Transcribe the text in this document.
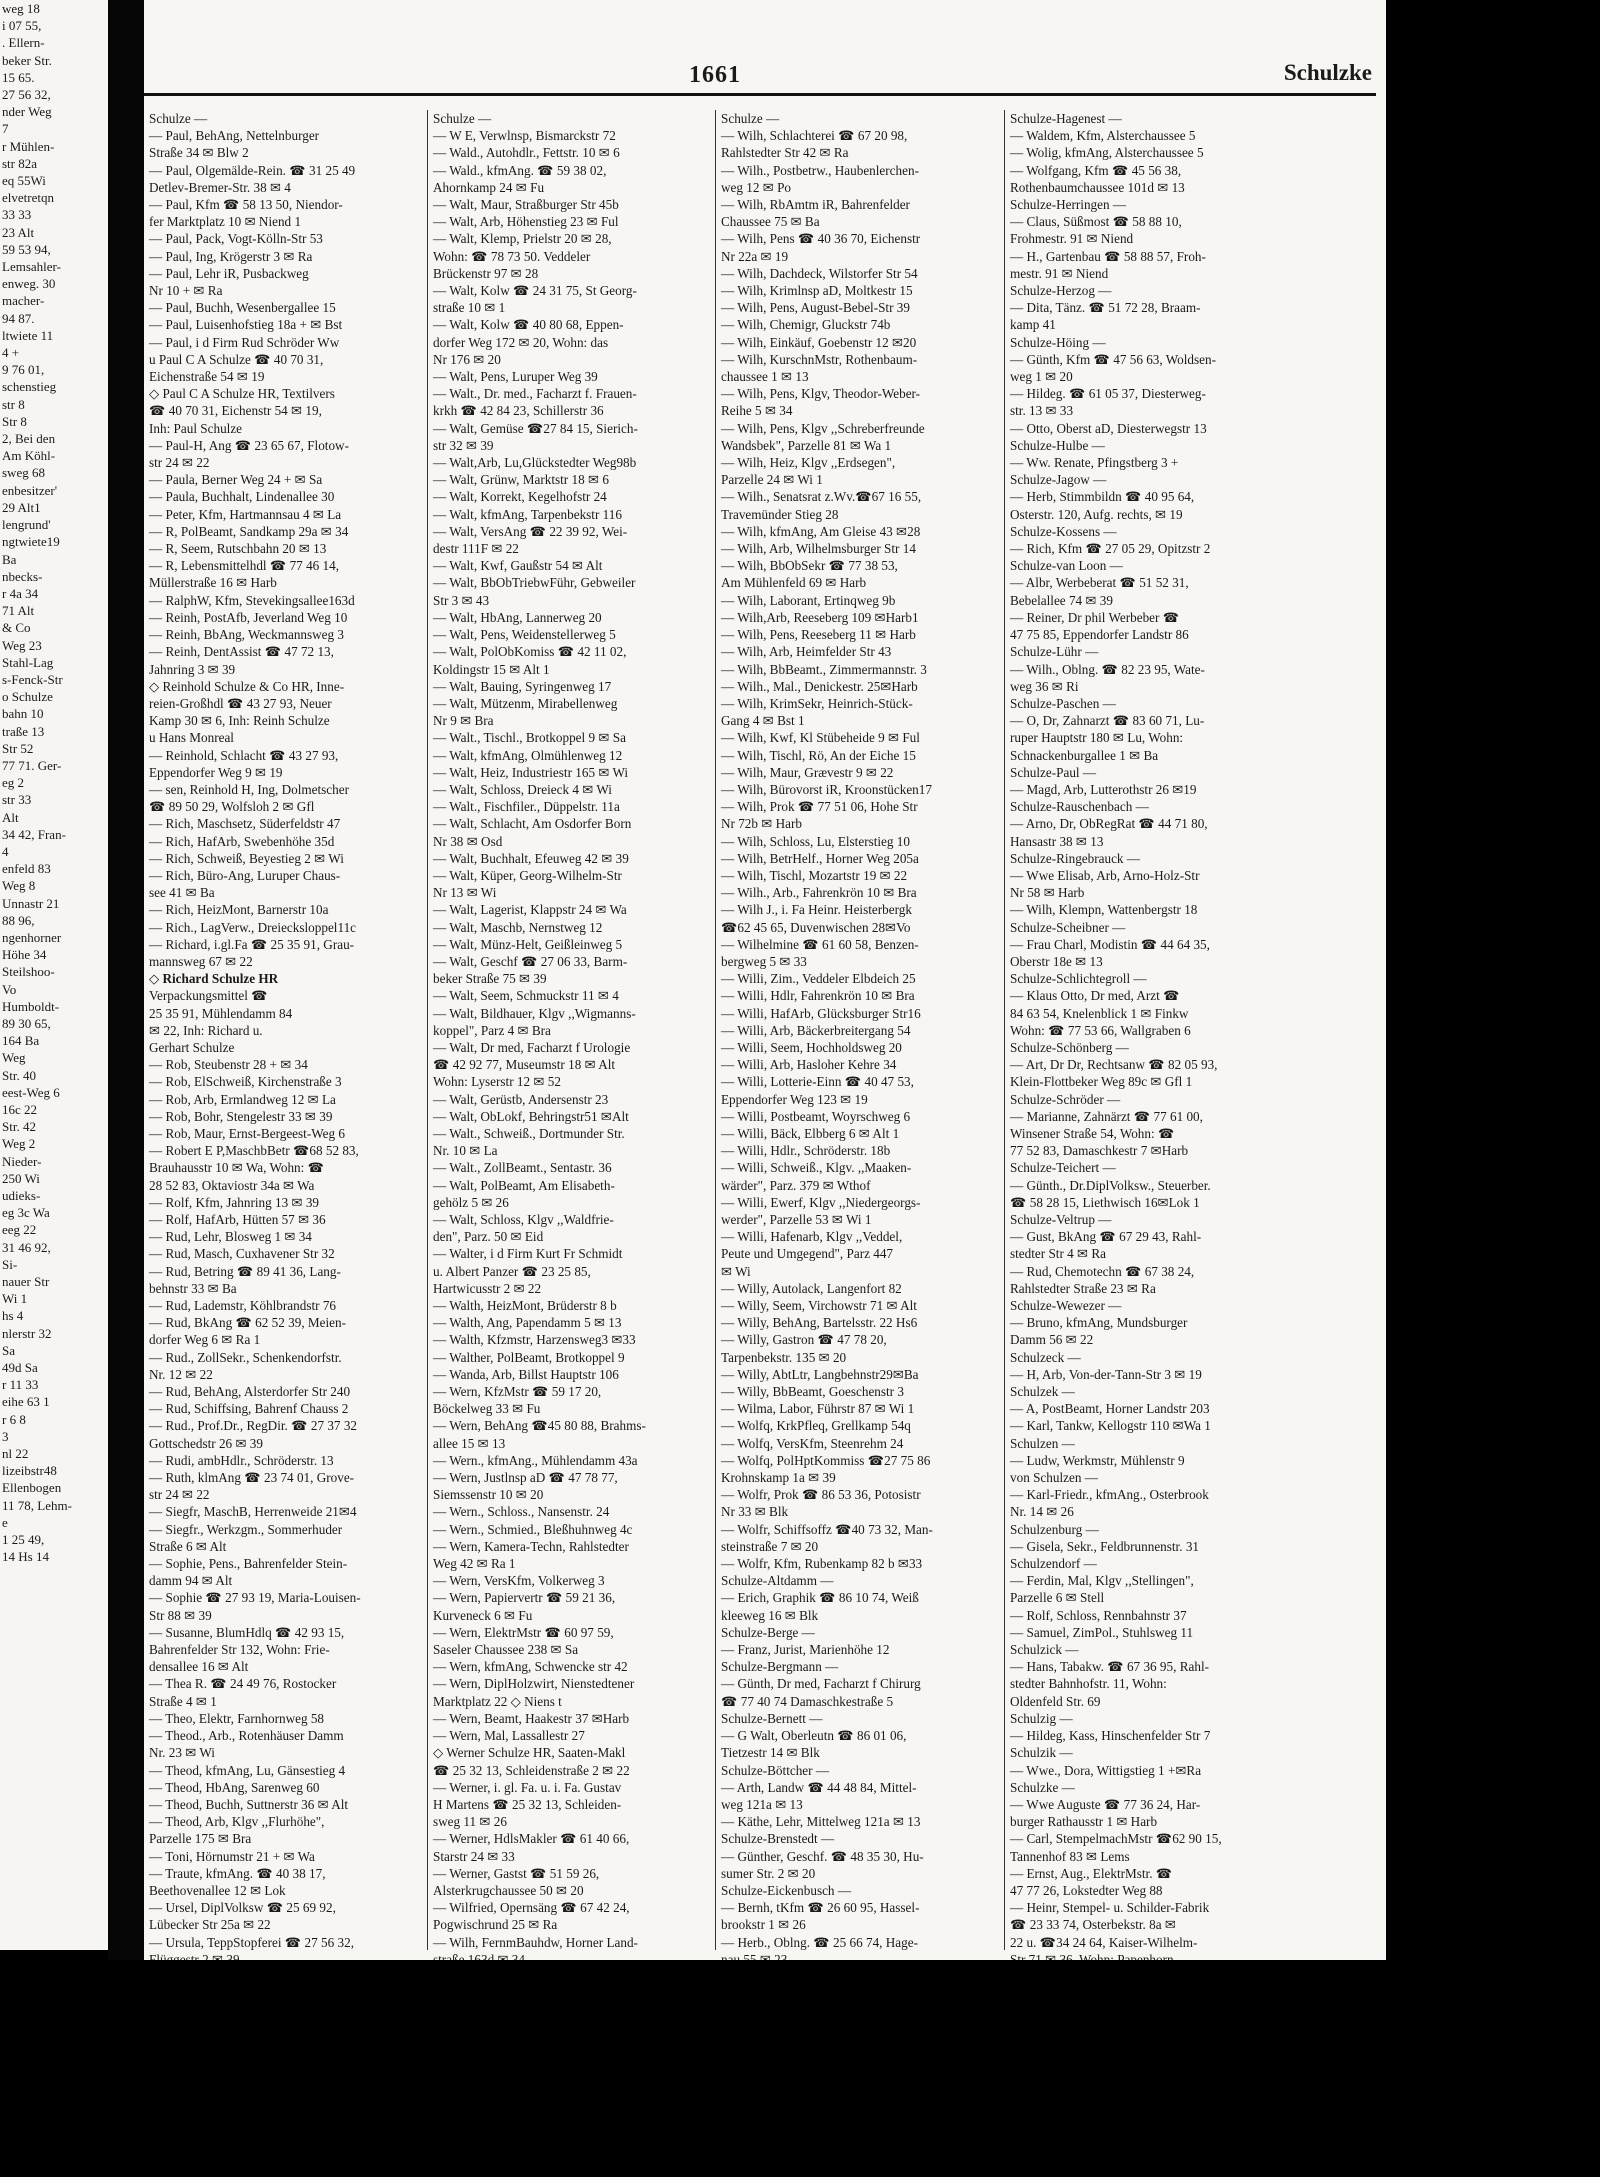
weg 18
i 07 55,
. Ellern-
beker Str.
15 65.
27 56 32,
nder Weg
7
r Mühlen-
str 82a
eq 55Wi
elvetretqn
33 33
23 Alt
59 53 94,
Lemsahler-
enweg. 30
macher-
94 87.
ltwiete 11
4 +
9 76 01,
schenstieg
str 8
Str 8
2, Bei den
Am Köhl-
sweg 68
enbesitzer'
29 Alt1
lengrund'
ngtwiete19
Ba
nbecks-
r 4a 34
71 Alt
& Co
Weg 23
Stahl-Lag
s-Fenck-Str
o Schulze
bahn 10
traße 13
Str 52
77 71. Ger-
eg 2
str 33
Alt
34 42, Fran-
4
enfeld 83
Weg 8
Unnastr 21
88 96,
ngenhorner
Höhe 34
Steilshoo-
Vo
Humboldt-
89 30 65,
164 Ba
Weg
Str. 40
eest-Weg 6
16c 22
Str. 42
Weg 2
Nieder-
250 Wi
udieks-
eg 3c Wa
eeg 22
31 46 92,
Si-
nauer Str
Wi 1
hs 4
nlerstr 32
Sa
49d Sa
r 11 33
eihe 63 1
r 6 8
3
nl 22
lizeibstr48
Ellenbogen
11 78, Lehm-
e
1 25 49,
14 Hs 14
1661	Schulzke
Schulze —
— Paul, BehAng, Nettelnburger
Straße 34 ✉ Blw 2
— Paul, Olgemälde-Rein. ☎ 31 25 49
Detlev-Bremer-Str. 38 ✉ 4
— Paul, Kfm ☎ 58 13 50, Niendor-
fer Marktplatz 10 ✉ Niend 1
— Paul, Pack, Vogt-Kölln-Str 53
— Paul, Ing, Krögerstr 3 ✉ Ra
— Paul, Lehr iR, Pusbackweg
Nr 10 + ✉ Ra
— Paul, Buchh, Wesenbergallee 15
— Paul, Luisenhofstieg 18a + ✉ Bst
— Paul, i d Firm Rud Schröder Ww
u Paul C A Schulze ☎ 40 70 31,
Eichenstraße 54 ✉ 19
◇ Paul C A Schulze HR, Textilvers
☎ 40 70 31, Eichenstr 54 ✉ 19,
Inh: Paul Schulze
— Paul-H, Ang ☎ 23 65 67, Flotow-
str 24 ✉ 22
— Paula, Berner Weg 24 + ✉ Sa
— Paula, Buchhalt, Lindenallee 30
— Peter, Kfm, Hartmannsau 4 ✉ La
— R, PolBeamt, Sandkamp 29a ✉ 34
— R, Seem, Rutschbahn 20 ✉ 13
— R, Lebensmittelhdl ☎ 77 46 14,
Müllerstraße 16 ✉ Harb
— RalphW, Kfm, Stevekingsallee163d
— Reinh, PostAfb, Jeverland Weg 10
— Reinh, BbAng, Weckmannsweg 3
— Reinh, DentAssist ☎ 47 72 13,
Jahnring 3 ✉ 39
◇ Reinhold Schulze & Co HR, Inne-
reien-Großhdl ☎ 43 27 93, Neuer
Kamp 30 ✉ 6, Inh: Reinh Schulze
u Hans Monreal
— Reinhold, Schlacht ☎ 43 27 93,
Eppendorfer Weg 9 ✉ 19
— sen, Reinhold H, Ing, Dolmetscher
☎ 89 50 29, Wolfsloh 2 ✉ Gfl
— Rich, Maschsetz, Süderfeldstr 47
— Rich, HafArb, Swebenhöhe 35d
— Rich, Schweiß, Beyestieg 2 ✉ Wi
— Rich, Büro-Ang, Luruper Chaus-
see 41 ✉ Ba
— Rich, HeizMont, Barnerstr 10a
— Rich., LagVerw., Dreiecksloppel11c
— Richard, i.gl.Fa ☎ 25 35 91, Grau-
mannsweg 67 ✉ 22
◇ Richard Schulze HR
Verpackungsmittel ☎
25 35 91, Mühlendamm 84
✉ 22, Inh: Richard u.
Gerhart Schulze
— Rob, Steubenstr 28 + ✉ 34
— Rob, ElSchweiß, Kirchenstraße 3
— Rob, Arb, Ermlandweg 12 ✉ La
— Rob, Bohr, Stengelestr 33 ✉ 39
— Rob, Maur, Ernst-Bergeest-Weg 6
— Robert E P,MaschbBetr ☎68 52 83,
Brauhausstr 10 ✉ Wa, Wohn: ☎
28 52 83, Oktaviostr 34a ✉ Wa
— Rolf, Kfm, Jahnring 13 ✉ 39
— Rolf, HafArb, Hütten 57 ✉ 36
— Rud, Lehr, Blosweg 1 ✉ 34
— Rud, Masch, Cuxhavener Str 32
— Rud, Betring ☎ 89 41 36, Lang-
behnstr 33 ✉ Ba
— Rud, Lademstr, Köhlbrandstr 76
— Rud, BkAng ☎ 62 52 39, Meien-
dorfer Weg 6 ✉ Ra 1
— Rud., ZollSekr., Schenkendorfstr.
Nr. 12 ✉ 22
— Rud, BehAng, Alsterdorfer Str 240
— Rud, Schiffsing, Bahrenf Chauss 2
— Rud., Prof.Dr., RegDir. ☎ 27 37 32
Gottschedstr 26 ✉ 39
— Rudi, ambHdlr., Schröderstr. 13
— Ruth, klmAng ☎ 23 74 01, Grove-
str 24 ✉ 22
— Siegfr, MaschB, Herrenweide 21✉4
— Siegfr., Werkzgm., Sommerhuder
Straße 6 ✉ Alt
— Sophie, Pens., Bahrenfelder Stein-
damm 94 ✉ Alt
— Sophie ☎ 27 93 19, Maria-Louisen-
Str 88 ✉ 39
— Susanne, BlumHdlq ☎ 42 93 15,
Bahrenfelder Str 132, Wohn: Frie-
densallee 16 ✉ Alt
— Thea R. ☎ 24 49 76, Rostocker
Straße 4 ✉ 1
— Theo, Elektr, Farnhornweg 58
— Theod., Arb., Rotenhäuser Damm
Nr. 23 ✉ Wi
— Theod, kfmAng, Lu, Gänsestieg 4
— Theod, HbAng, Sarenweg 60
— Theod, Buchh, Suttnerstr 36 ✉ Alt
— Theod, Arb, Klgv ,,Flurhöhe",
Parzelle 175 ✉ Bra
— Toni, Hörnumstr 21 + ✉ Wa
— Traute, kfmAng. ☎ 40 38 17,
Beethovenallee 12 ✉ Lok
— Ursel, DiplVolksw ☎ 25 69 92,
Lübecker Str 25a ✉ 22
— Ursula, TeppStopferei ☎ 27 56 32,
Schulze —
— W E, Verwlnsp, Bismarckstr 72
— Wald., Autohdlr., Fettstr. 10 ✉ 6
— Wald., kfmAng. ☎ 59 38 02,
Ahornkamp 24 ✉ Fu
— Walt, Maur, Straßburger Str 45b
— Walt, Arb, Höhenstieg 23 ✉ Ful
— Walt, Klemp, Prielstr 20 ✉ 28,
Wohn: ☎ 78 73 50. Veddeler
Brückenstr 97 ✉ 28
— Walt, Kolw ☎ 24 31 75, St Georg-
straße 10 ✉ 1
— Walt, Kolw ☎ 40 80 68, Eppen-
dorfer Weg 172 ✉ 20, Wohn: das
Nr 176 ✉ 20
— Walt, Pens, Luruper Weg 39
— Walt., Dr. med., Facharzt f. Frauen-
krkh ☎ 42 84 23, Schillerstr 36
— Walt, Gemüse ☎27 84 15, Sierich-
str 32 ✉ 39
— Walt,Arb, Lu,Glückstedter Weg98b
— Walt, Grünw, Marktstr 18 ✉ 6
— Walt, Korrekt, Kegelhofstr 24
— Walt, kfmAng, Tarpenbekstr 116
— Walt, VersAng ☎ 22 39 92, Wei-
destr 111F ✉ 22
— Walt, Kwf, Gaußstr 54 ✉ Alt
— Walt, BbObTriebwFühr, Gebweiler
Str 3 ✉ 43
— Walt, HbAng, Lannerweg 20
— Walt, Pens, Weidenstellerweg 5
— Walt, PolObKomiss ☎ 42 11 02,
Koldingstr 15 ✉ Alt 1
— Walt, Bauing, Syringenweg 17
— Walt, Mützenm, Mirabellenweg
Nr 9 ✉ Bra
— Walt., Tischl., Brotkoppel 9 ✉ Sa
— Walt, kfmAng, Olmühlenweg 12
— Walt, Heiz, Industriestr 165 ✉ Wi
— Walt, Schloss, Dreieck 4 ✉ Wi
— Walt., Fischfiler., Düppelstr. 11a
— Walt, Schlacht, Am Osdorfer Born
Nr 38 ✉ Osd
— Walt, Buchhalt, Efeuweg 42 ✉ 39
— Walt, Küper, Georg-Wilhelm-Str
Nr 13 ✉ Wi
— Walt, Lagerist, Klappstr 24 ✉ Wa
— Walt, Maschb, Nernstweg 12
— Walt, Münz-Helt, Geißleinweg 5
— Walt, Geschf ☎ 27 06 33, Barm-
beker Straße 75 ✉ 39
— Walt, Seem, Schmuckstr 11 ✉ 4
— Walt, Bildhauer, Klgv ,,Wigmanns-
koppel", Parz 4 ✉ Bra
— Walt, Dr med, Facharzt f Urologie
☎ 42 92 77, Museumstr 18 ✉ Alt
Wohn: Lyserstr 12 ✉ 52
— Walt, Gerüstb, Andersenstr 23
— Walt, ObLokf, Behringstr51 ✉Alt
— Walt., Schweiß., Dortmunder Str.
Nr. 10 ✉ La
— Walt., ZollBeamt., Sentastr. 36
— Walt, PolBeamt, Am Elisabeth-
gehölz 5 ✉ 26
— Walt, Schloss, Klgv ,,Waldfrie-
den", Parz. 50 ✉ Eid
— Walter, i d Firm Kurt Fr Schmidt
u. Albert Panzer ☎ 23 25 85,
Hartwicusstr 2 ✉ 22
— Walth, HeizMont, Brüderstr 8 b
— Walth, Ang, Papendamm 5 ✉ 13
— Walth, Kfzmstr, Harzensweg3 ✉33
— Walther, PolBeamt, Brotkoppel 9
— Wanda, Arb, Billst Hauptstr 106
— Wern, KfzMstr ☎ 59 17 20,
Böckelweg 33 ✉ Fu
— Wern, BehAng ☎45 80 88, Brahms-
allee 15 ✉ 13
— Wern., kfmAng., Mühlendamm 43a
— Wern, Justlnsp aD ☎ 47 78 77,
Siemssenstr 10 ✉ 20
— Wern., Schloss., Nansenstr. 24
— Wern., Schmied., Bleßhuhnweg 4c
— Wern, Kamera-Techn, Rahlstedter
Weg 42 ✉ Ra 1
— Wern, VersKfm, Volkerweg 3
— Wern, Papiervertr ☎ 59 21 36,
Kurveneck 6 ✉ Fu
— Wern, ElektrMstr ☎ 60 97 59,
Saseler Chaussee 238 ✉ Sa
— Wern, kfmAng, Schwencke str 42
— Wern, DiplHolzwirt, Nienstedtener
Marktplatz 22 ◇ Niens t
— Wern, Beamt, Haakestr 37 ✉Harb
— Wern, Mal, Lassallestr 27
◇ Werner Schulze HR, Saaten-Makl
☎ 25 32 13, Schleidenstraße 2 ✉ 22
— Werner, i. gl. Fa. u. i. Fa. Gustav
H Martens ☎ 25 32 13, Schleiden-
sweg 11 ✉ 26
— Werner, HdlsMakler ☎ 61 40 66,
Starstr 24 ✉ 33
— Werner, Gastst ☎ 51 59 26,
Alsterkrugchaussee 50 ✉ 20
— Wilfried, Opernsäng ☎ 67 42 24,
Pogwischrund 25 ✉ Ra
— Wilh, FernmBauhdw, Horner Land-
Schulze —
— Wilh, Schlachterei ☎ 67 20 98,
Rahlstedter Str 42 ✉ Ra
— Wilh., Postbetrw., Haubenlerchen-
weg 12 ✉ Po
— Wilh, RbAmtm iR, Bahrenfelder
Chaussee 75 ✉ Ba
— Wilh, Pens ☎ 40 36 70, Eichenstr
Nr 22a ✉ 19
— Wilh, Dachdeck, Wilstorfer Str 54
— Wilh, Krimlnsp aD, Moltkestr 15
— Wilh, Pens, August-Bebel-Str 39
— Wilh, Chemigr, Gluckstr 74b
— Wilh, Einkäuf, Goebenstr 12 ✉20
— Wilh, KurschnMstr, Rothenbaum-
chaussee 1 ✉ 13
— Wilh, Pens, Klgv, Theodor-Weber-
Reihe 5 ✉ 34
— Wilh, Pens, Klgv ,,Schreberfreunde
Wandsbek", Parzelle 81 ✉ Wa 1
— Wilh, Heiz, Klgv ,,Erdsegen",
Parzelle 24 ✉ Wi 1
— Wilh., Senatsrat z.Wv.☎67 16 55,
Travemünder Stieg 28
— Wilh, kfmAng, Am Gleise 43 ✉28
— Wilh, Arb, Wilhelmsburger Str 14
— Wilh, BbObSekr ☎ 77 38 53,
Am Mühlenfeld 69 ✉ Harb
— Wilh, Laborant, Ertinqweg 9b
— Wilh,Arb, Reeseberg 109 ✉Harb1
— Wilh, Pens, Reeseberg 11 ✉ Harb
— Wilh, Arb, Heimfelder Str 43
— Wilh, BbBeamt., Zimmermannstr. 3
— Wilh., Mal., Denickestr. 25✉Harb
— Wilh, KrimSekr, Heinrich-Stück-
Gang 4 ✉ Bst 1
— Wilh, Kwf, Kl Stübeheide 9 ✉ Ful
— Wilh, Tischl, Rö, An der Eiche 15
— Wilh, Maur, Grævestr 9 ✉ 22
— Wilh, Bürovorst iR, Kroonstücken17
— Wilh, Prok ☎ 77 51 06, Hohe Str
Nr 72b ✉ Harb
— Wilh, Schloss, Lu, Elsterstieg 10
— Wilh, BetrHelf., Horner Weg 205a
— Wilh, Tischl, Mozartstr 19 ✉ 22
— Wilh., Arb., Fahrenkrön 10 ✉ Bra
— Wilh J., i. Fa Heinr. Heisterbergk
☎62 45 65, Duvenwischen 28✉Vo
— Wilhelmine ☎ 61 60 58, Benzen-
bergweg 5 ✉ 33
— Willi, Zim., Veddeler Elbdeich 25
— Willi, Hdlr, Fahrenkrön 10 ✉ Bra
— Willi, HafArb, Glücksburger Str16
— Willi, Arb, Bäckerbreitergang 54
— Willi, Seem, Hochholdsweg 20
— Willi, Arb, Hasloher Kehre 34
— Willi, Lotterie-Einn ☎ 40 47 53,
Eppendorfer Weg 123 ✉ 19
— Willi, Postbeamt, Woyrschweg 6
— Willi, Bäck, Elbberg 6 ✉ Alt 1
— Willi, Hdlr., Schröderstr. 18b
— Willi, Schweiß., Klgv. ,,Maaken-
wärder", Parz. 379 ✉ Wthof
— Willi, Ewerf, Klgv ,,Niedergeorgs-
werder", Parzelle 53 ✉ Wi 1
— Willi, Hafenarb, Klgv ,,Veddel,
Peute und Umgegend", Parz 447
✉ Wi
— Willy, Autolack, Langenfort 82
— Willy, Seem, Virchowstr 71 ✉ Alt
— Willy, BehAng, Bartelsstr. 22 Hs6
— Willy, Gastron ☎ 47 78 20,
Tarpenbekstr. 135 ✉ 20
— Willy, AbtLtr, Langbehnstr29✉Ba
— Willy, BbBeamt, Goeschenstr 3
— Wilma, Labor, Führstr 87 ✉ Wi 1
— Wolfq, KrkPfleq, Grellkamp 54q
— Wolfq, VersKfm, Steenrehm 24
— Wolfq, PolHptKommiss ☎27 75 86
Krohnskamp 1a ✉ 39
— Wolfr, Prok ☎ 86 53 36, Potosistr
Nr 33 ✉ Blk
— Wolfr, Schiffsoffz ☎40 73 32, Man-
steinstraße 7 ✉ 20
— Wolfr, Kfm, Rubenkamp 82 b ✉33
Schulze-Altdamm —
— Erich, Graphik ☎ 86 10 74, Weiß
kleeweg 16 ✉ Blk
Schulze-Berge —
— Franz, Jurist, Marienhöhe 12
Schulze-Bergmann —
— Günth, Dr med, Facharzt f Chirurg
☎ 77 40 74 Damaschkestraße 5
Schulze-Bernett —
— G Walt, Oberleutn ☎ 86 01 06,
Tietzestr 14 ✉ Blk
Schulze-Böttcher —
— Arth, Landw ☎ 44 48 84, Mittel-
weg 121a ✉ 13
— Käthe, Lehr, Mittelweg 121a ✉ 13
Schulze-Brenstedt —
— Günther, Geschf. ☎ 48 35 30, Hu-
sumer Str. 2 ✉ 20
Schulze-Eickenbusch —
— Bernh, tKfm ☎ 26 60 95, Hassel-
brookstr 1 ✉ 26
— Herb., Oblng. ☎ 25 66 74, Hage-
Schulze-Hagenest —
— Waldem, Kfm, Alsterchaussee 5
— Wolig, kfmAng, Alsterchaussee 5
— Wolfgang, Kfm ☎ 45 56 38,
Rothenbaumchaussee 101d ✉ 13
Schulze-Herringen —
— Claus, Süßmost ☎ 58 88 10,
Frohmestr. 91 ✉ Niend
— H., Gartenbau ☎ 58 88 57, Froh-
mestr. 91 ✉ Niend
Schulze-Herzog —
— Dita, Tänz. ☎ 51 72 28, Braam-
kamp 41
Schulze-Höing —
— Günth, Kfm ☎ 47 56 63, Woldsen-
weg 1 ✉ 20
— Hildeg. ☎ 61 05 37, Diesterweg-
str. 13 ✉ 33
— Otto, Oberst aD, Diesterwegstr 13
Schulze-Hulbe —
— Ww. Renate, Pfingstberg 3 +
Schulze-Jagow —
— Herb, Stimmbildn ☎ 40 95 64,
Osterstr. 120, Aufg. rechts, ✉ 19
Schulze-Kossens —
— Rich, Kfm ☎ 27 05 29, Opitzstr 2
Schulze-van Loon —
— Albr, Werbeberat ☎ 51 52 31,
Bebelallee 74 ✉ 39
— Reiner, Dr phil Werbeber ☎
47 75 85, Eppendorfer Landstr 86
Schulze-Lühr —
— Wilh., Oblng. ☎ 82 23 95, Wate-
weg 36 ✉ Ri
Schulze-Paschen —
— O, Dr, Zahnarzt ☎ 83 60 71, Lu-
ruper Hauptstr 180 ✉ Lu, Wohn:
Schnackenburgallee 1 ✉ Ba
Schulze-Paul —
— Magd, Arb, Lutterothstr 26 ✉19
Schulze-Rauschenbach —
— Arno, Dr, ObRegRat ☎ 44 71 80,
Hansastr 38 ✉ 13
Schulze-Ringebrauck —
— Wwe Elisab, Arb, Arno-Holz-Str
Nr 58 ✉ Harb
— Wilh, Klempn, Wattenbergstr 18
Schulze-Scheibner —
— Frau Charl, Modistin ☎ 44 64 35,
Oberstr 18e ✉ 13
Schulze-Schlichtegroll —
— Klaus Otto, Dr med, Arzt ☎
84 63 54, Knelenblick 1 ✉ Finkw
Wohn: ☎ 77 53 66, Wallgraben 6
Schulze-Schönberg —
— Art, Dr Dr, Rechtsanw ☎ 82 05 93,
Klein-Flottbeker Weg 89c ✉ Gfl 1
Schulze-Schröder —
— Marianne, Zahnärzt ☎ 77 61 00,
Winsener Straße 54, Wohn: ☎
77 52 83, Damaschkestr 7 ✉Harb
Schulze-Teichert —
— Günth., Dr.DiplVolksw., Steuerber.
☎ 58 28 15, Liethwisch 16✉Lok 1
Schulze-Veltrup —
— Gust, BkAng ☎ 67 29 43, Rahl-
stedter Str 4 ✉ Ra
— Rud, Chemotechn ☎ 67 38 24,
Rahlstedter Straße 23 ✉ Ra
Schulze-Wewezer —
— Bruno, kfmAng, Mundsburger
Damm 56 ✉ 22
Schulzeck —
— H, Arb, Von-der-Tann-Str 3 ✉ 19
Schulzek —
— A, PostBeamt, Horner Landstr 203
— Karl, Tankw, Kellogstr 110 ✉Wa 1
Schulzen —
— Ludw, Werkmstr, Mühlenstr 9
von Schulzen —
— Karl-Friedr., kfmAng., Osterbrook
Nr. 14 ✉ 26
Schulzenburg —
— Gisela, Sekr., Feldbrunnenstr. 31
Schulzendorf —
— Ferdin, Mal, Klgv ,,Stellingen",
Parzelle 6 ✉ Stell
— Rolf, Schloss, Rennbahnstr 37
— Samuel, ZimPol., Stuhlsweg 11
Schulzick —
— Hans, Tabakw. ☎ 67 36 95, Rahl-
stedter Bahnhofstr. 11, Wohn:
Oldenfeld Str. 69
Schulzig —
— Hildeg, Kass, Hinschenfelder Str 7
Schulzik —
— Wwe., Dora, Wittigstieg 1 +✉Ra
Schulzke —
— Wwe Auguste ☎ 77 36 24, Har-
burger Rathausstr 1 ✉ Harb
— Carl, StempelmachMstr ☎62 90 15,
Tannenhof 83 ✉ Lems
— Ernst, Aug., ElektrMstr. ☎
47 77 26, Lokstedter Weg 88
— Heinr, Stempel- u. Schilder-Fabrik
☎ 23 33 74, Osterbekstr. 8a ✉
22 u. ☎34 24 64, Kaiser-Wilhelm-
